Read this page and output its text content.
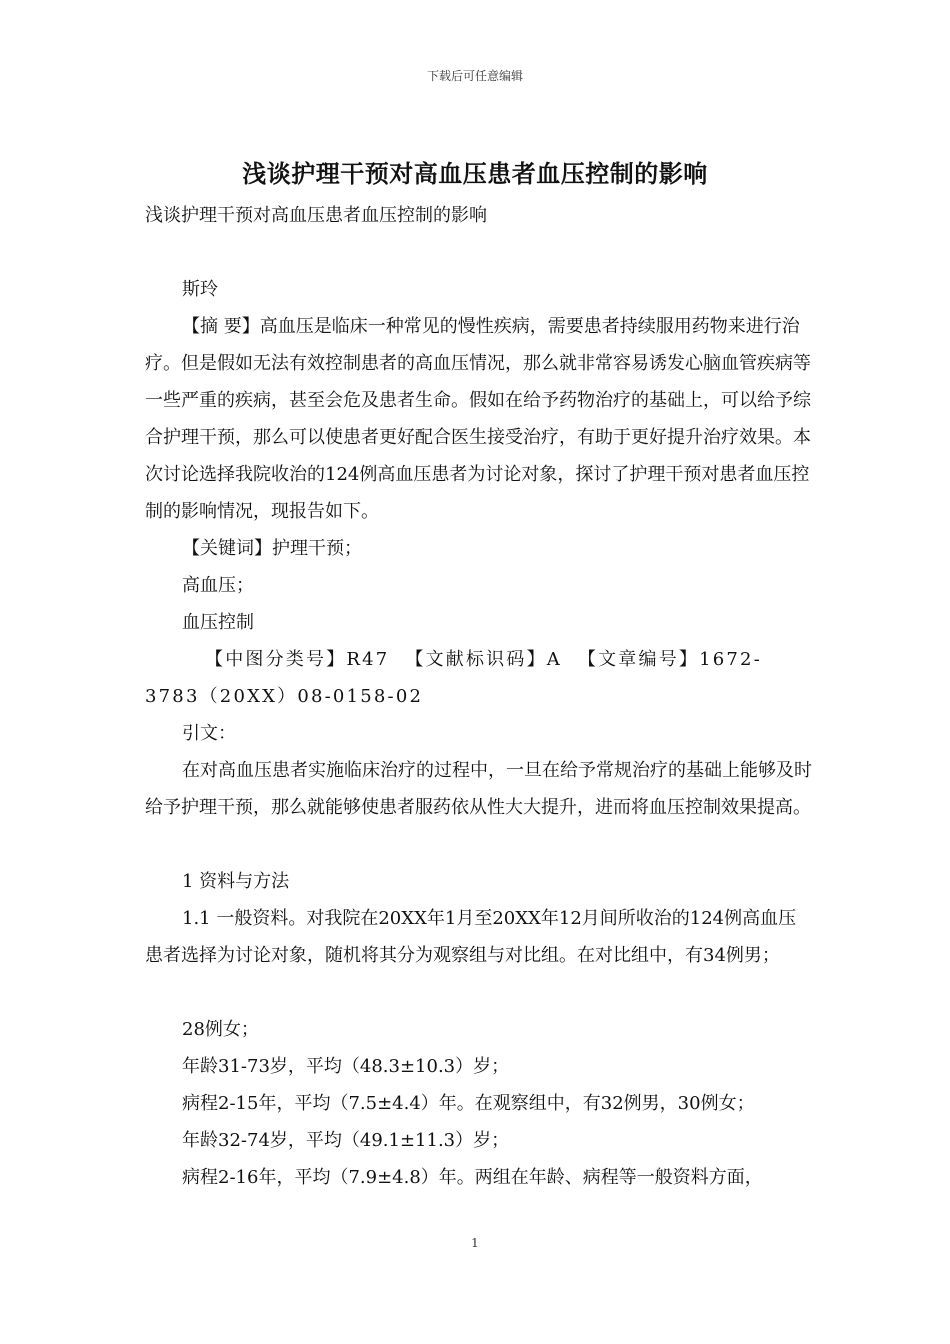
下载后可任意编辑
浅谈护理干预对高血压患者血压控制的影响
浅谈护理干预对高血压患者血压控制的影响
斯玲
【摘 要】高血压是临床一种常见的慢性疾病，需要患者持续服用药物来进行治疗。但是假如无法有效控制患者的高血压情况，那么就非常容易诱发心脑血管疾病等一些严重的疾病，甚至会危及患者生命。假如在给予药物治疗的基础上，可以给予综合护理干预，那么可以使患者更好配合医生接受治疗，有助于更好提升治疗效果。本次讨论选择我院收治的124例高血压患者为讨论对象，探讨了护理干预对患者血压控制的影响情况，现报告如下。
【关键词】护理干预；
高血压；
血压控制
【中图分类号】R47 【文献标识码】A 【文章编号】1672-3783（20XX）08-0158-02
引文：
在对高血压患者实施临床治疗的过程中，一旦在给予常规治疗的基础上能够及时给予护理干预，那么就能够使患者服药依从性大大提升，进而将血压控制效果提高。
1 资料与方法
1.1 一般资料。对我院在20XX年1月至20XX年12月间所收治的124例高血压患者选择为讨论对象，随机将其分为观察组与对比组。在对比组中，有34例男；
28例女；
年龄31-73岁，平均（48.3±10.3）岁；
病程2-15年，平均（7.5±4.4）年。在观察组中，有32例男，30例女；
年龄32-74岁，平均（49.1±11.3）岁；
病程2-16年，平均（7.9±4.8）年。两组在年龄、病程等一般资料方面，
1
